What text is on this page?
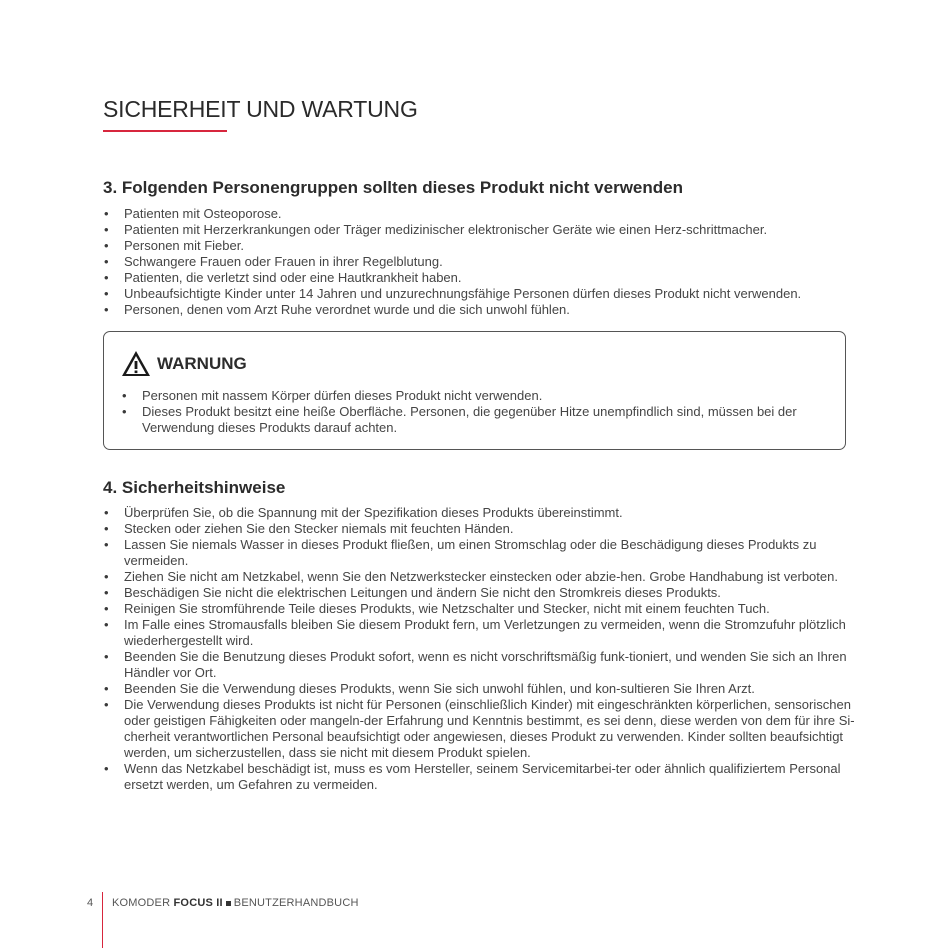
SICHERHEIT UND WARTUNG
3. Folgenden Personengruppen sollten dieses Produkt nicht verwenden
• Patienten mit Osteoporose.
• Patienten mit Herzerkrankungen oder Träger medizinischer elektronischer Geräte wie einen Herz-schrittmacher.
• Personen mit Fieber.
• Schwangere Frauen oder Frauen in ihrer Regelblutung.
• Patienten, die verletzt sind oder eine Hautkrankheit haben.
• Unbeaufsichtigte Kinder unter 14 Jahren und unzurechnungsfähige Personen dürfen dieses Produkt nicht verwenden.
• Personen, denen vom Arzt Ruhe verordnet wurde und die sich unwohl fühlen.
WARNUNG
• Personen mit nassem Körper dürfen dieses Produkt nicht verwenden.
• Dieses Produkt besitzt eine heiße Oberfläche. Personen, die gegenüber Hitze unempfindlich sind, müssen bei der Verwendung dieses Produkts darauf achten.
4. Sicherheitshinweise
• Überprüfen Sie, ob die Spannung mit der Spezifikation dieses Produkts übereinstimmt.
• Stecken oder ziehen Sie den Stecker niemals mit feuchten Händen.
• Lassen Sie niemals Wasser in dieses Produkt fließen, um einen Stromschlag oder die Beschädigung dieses Produkts zu vermeiden.
• Ziehen Sie nicht am Netzkabel, wenn Sie den Netzwerkstecker einstecken oder abzie-hen. Grobe Handhabung ist verboten.
• Beschädigen Sie nicht die elektrischen Leitungen und ändern Sie nicht den Stromkreis dieses Produkts.
• Reinigen Sie stromführende Teile dieses Produkts, wie Netzschalter und Stecker, nicht mit einem feuchten Tuch.
• Im Falle eines Stromausfalls bleiben Sie diesem Produkt fern, um Verletzungen zu vermeiden, wenn die Stromzufuhr plötzlich wiederhergestellt wird.
• Beenden Sie die Benutzung dieses Produkt sofort, wenn es nicht vorschriftsmäßig funk-tioniert, und wenden Sie sich an Ihren Händler vor Ort.
• Beenden Sie die Verwendung dieses Produkts, wenn Sie sich unwohl fühlen, und kon-sultieren Sie Ihren Arzt.
• Die Verwendung dieses Produkts ist nicht für Personen (einschließlich Kinder) mit eingeschränkten körperlichen, sensorischen oder geistigen Fähigkeiten oder mangeln-der Erfahrung und Kenntnis bestimmt, es sei denn, diese werden von dem für ihre Si-cherheit verantwortlichen Personal beaufsichtigt oder angewiesen, dieses Produkt zu verwenden. Kinder sollten beaufsichtigt werden, um sicherzustellen, dass sie nicht mit diesem Produkt spielen.
• Wenn das Netzkabel beschädigt ist, muss es vom Hersteller, seinem Servicemitarbei-ter oder ähnlich qualifiziertem Personal ersetzt werden, um Gefahren zu vermeiden.
4	KOMODER FOCUS II BENUTZERHANDBUCH
